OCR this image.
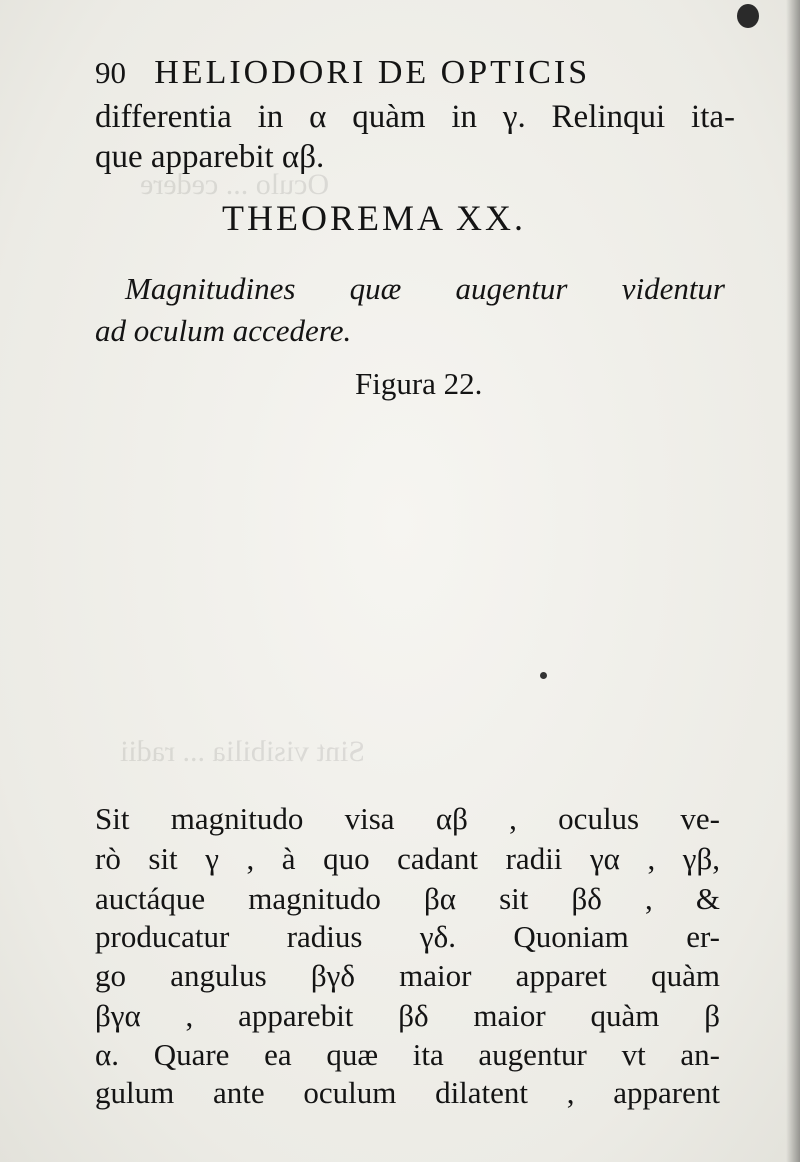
Oculo ... cedere
Sint visibilia ... radii
90 HELIODORI DE OPTICIS
differentia in α quàm in γ. Relinqui ita-
que apparebit αβ.
THEOREMA XX.
Magnitudines quæ augentur videntur
ad oculum accedere.
Figura 22.
Sit magnitudo visa αβ , oculus ve-
rò sit γ , à quo cadant radii γα , γβ,
auctáque magnitudo βα sit βδ , &
producatur radius γδ. Quoniam er-
go angulus βγδ maior apparet quàm
βγα , apparebit βδ maior quàm β
α. Quare ea quæ ita augentur vt an-
gulum ante oculum dilatent , apparent
